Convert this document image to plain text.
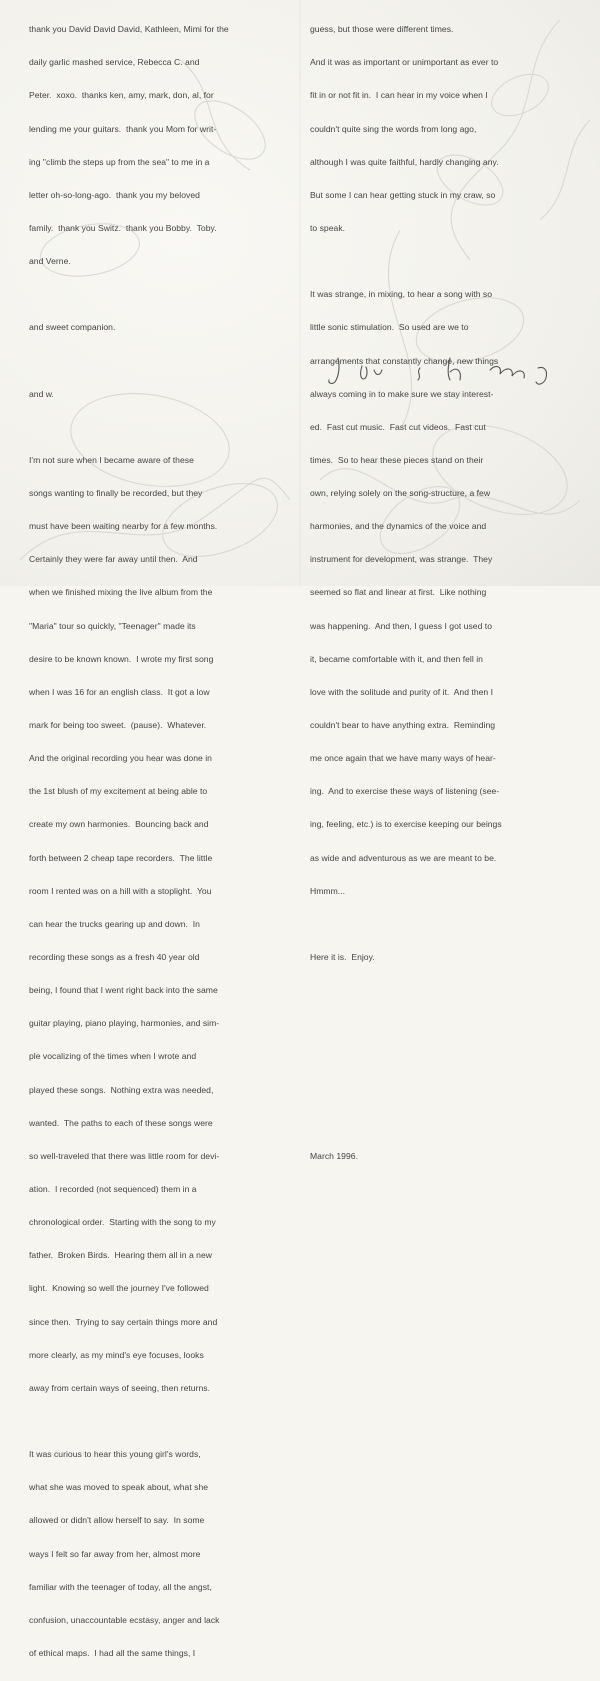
thank you David David David, Kathleen, Mimi for the

daily garlic mashed service, Rebecca C. and

Peter.  xoxo.  thanks ken, amy, mark, don, al, for

lending me your guitars.  thank you Mom for writ-

ing "climb the steps up from the sea" to me in a

letter oh-so-long-ago.  thank you my beloved

family.  thank you Switz.  thank you Bobby.  Toby.

and Verne.

and sweet companion.

and w.

I'm not sure when I became aware of these

songs wanting to finally be recorded, but they

must have been waiting nearby for a few months.

Certainly they were far away until then.  And

when we finished mixing the live album from the

"Maria" tour so quickly, "Teenager" made its

desire to be known known.  I wrote my first song

when I was 16 for an english class.  It got a low

mark for being too sweet.  (pause).  Whatever.

And the original recording you hear was done in

the 1st blush of my excitement at being able to

create my own harmonies.  Bouncing back and

forth between 2 cheap tape recorders.  The little

room I rented was on a hill with a stoplight.  You

can hear the trucks gearing up and down.  In

recording these songs as a fresh 40 year old

being, I found that I went right back into the same

guitar playing, piano playing, harmonies, and sim-

ple vocalizing of the times when I wrote and

played these songs.  Nothing extra was needed,

wanted.  The paths to each of these songs were

so well-traveled that there was little room for devi-

ation.  I recorded (not sequenced) them in a

chronological order.  Starting with the song to my

father.  Broken Birds.  Hearing them all in a new

light.  Knowing so well the journey I've followed

since then.  Trying to say certain things more and

more clearly, as my mind's eye focuses, looks

away from certain ways of seeing, then returns.

It was curious to hear this young girl's words,

what she was moved to speak about, what she

allowed or didn't allow herself to say.  In some

ways I felt so far away from her, almost more

familiar with the teenager of today, all the angst,

confusion, unaccountable ecstasy, anger and lack

of ethical maps.  I had all the same things, I

guess, but those were different times.

And it was as important or unimportant as ever to

fit in or not fit in.  I can hear in my voice when I

couldn't quite sing the words from long ago,

although I was quite faithful, hardly changing any.

But some I can hear getting stuck in my craw, so

to speak.

It was strange, in mixing, to hear a song with so

little sonic stimulation.  So used are we to

arrangements that constantly change, new things

always coming in to make sure we stay interest-

ed.  Fast cut music.  Fast cut videos.  Fast cut

times.  So to hear these pieces stand on their

own, relying solely on the song-structure, a few

harmonies, and the dynamics of the voice and

instrument for development, was strange.  They

seemed so flat and linear at first.  Like nothing

was happening.  And then, I guess I got used to

it, became comfortable with it, and then fell in

love with the solitude and purity of it.  And then I

couldn't bear to have anything extra.  Reminding

me once again that we have many ways of hear-

ing.  And to exercise these ways of listening (see-

ing, feeling, etc.) is to exercise keeping our beings

as wide and adventurous as we are meant to be.

Hmmm...

Here it is.  Enjoy.

March 1996.
